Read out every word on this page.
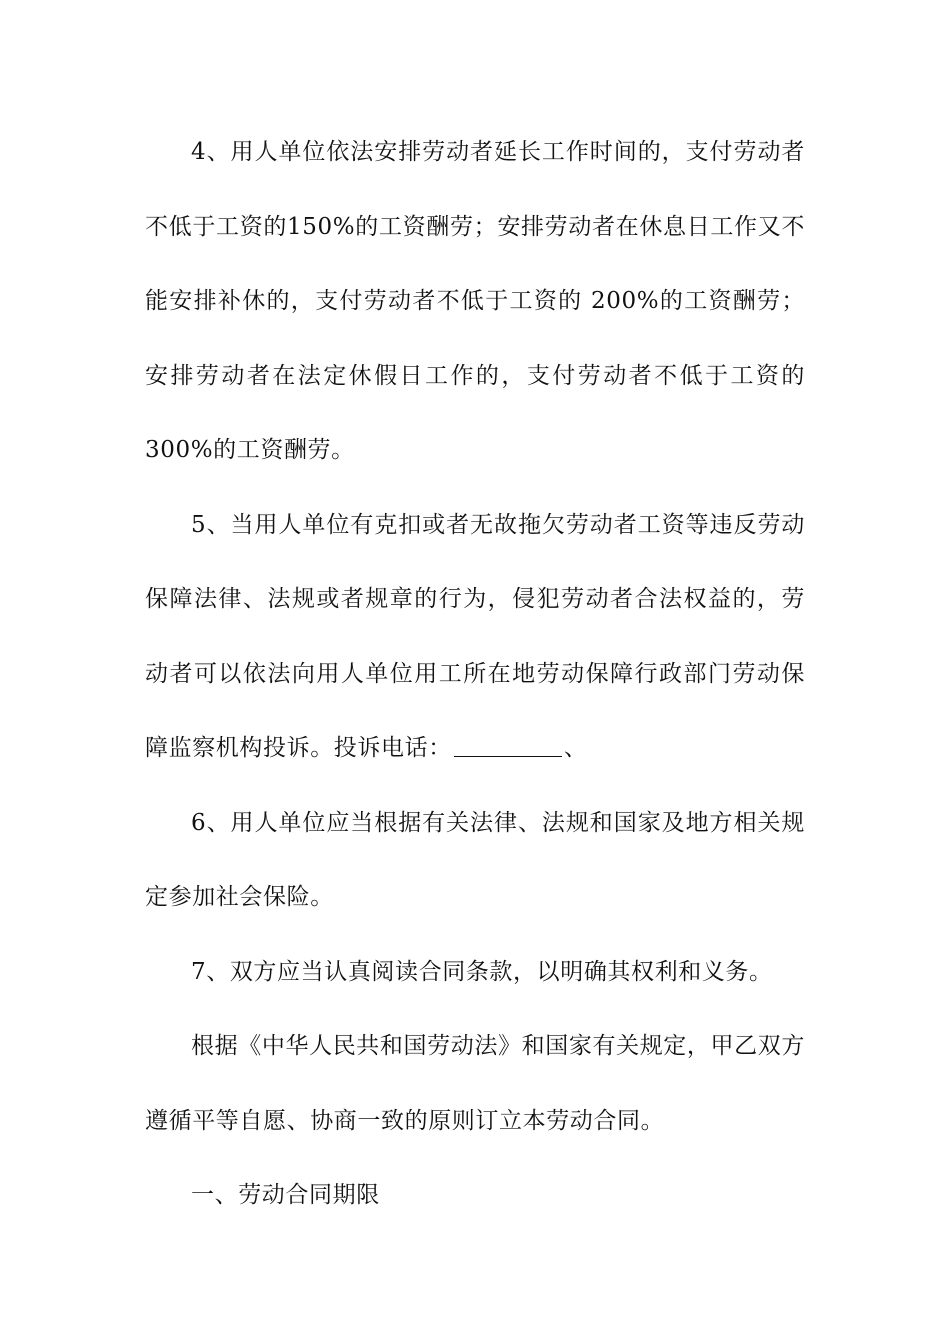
4、用人单位依法安排劳动者延长工作时间的，支付劳动者不低于工资的150%的工资酬劳；安排劳动者在休息日工作又不能安排补休的，支付劳动者不低于工资的 200%的工资酬劳；安排劳动者在法定休假日工作的，支付劳动者不低于工资的 300%的工资酬劳。

5、当用人单位有克扣或者无故拖欠劳动者工资等违反劳动保障法律、法规或者规章的行为，侵犯劳动者合法权益的，劳动者可以依法向用人单位用工所在地劳动保障行政部门劳动保障监察机构投诉。投诉电话：	、

6、用人单位应当根据有关法律、法规和国家及地方相关规定参加社会保险。

7、双方应当认真阅读合同条款，以明确其权利和义务。

根据《中华人民共和国劳动法》和国家有关规定，甲乙双方遵循平等自愿、协商一致的原则订立本劳动合同。

一、劳动合同期限
